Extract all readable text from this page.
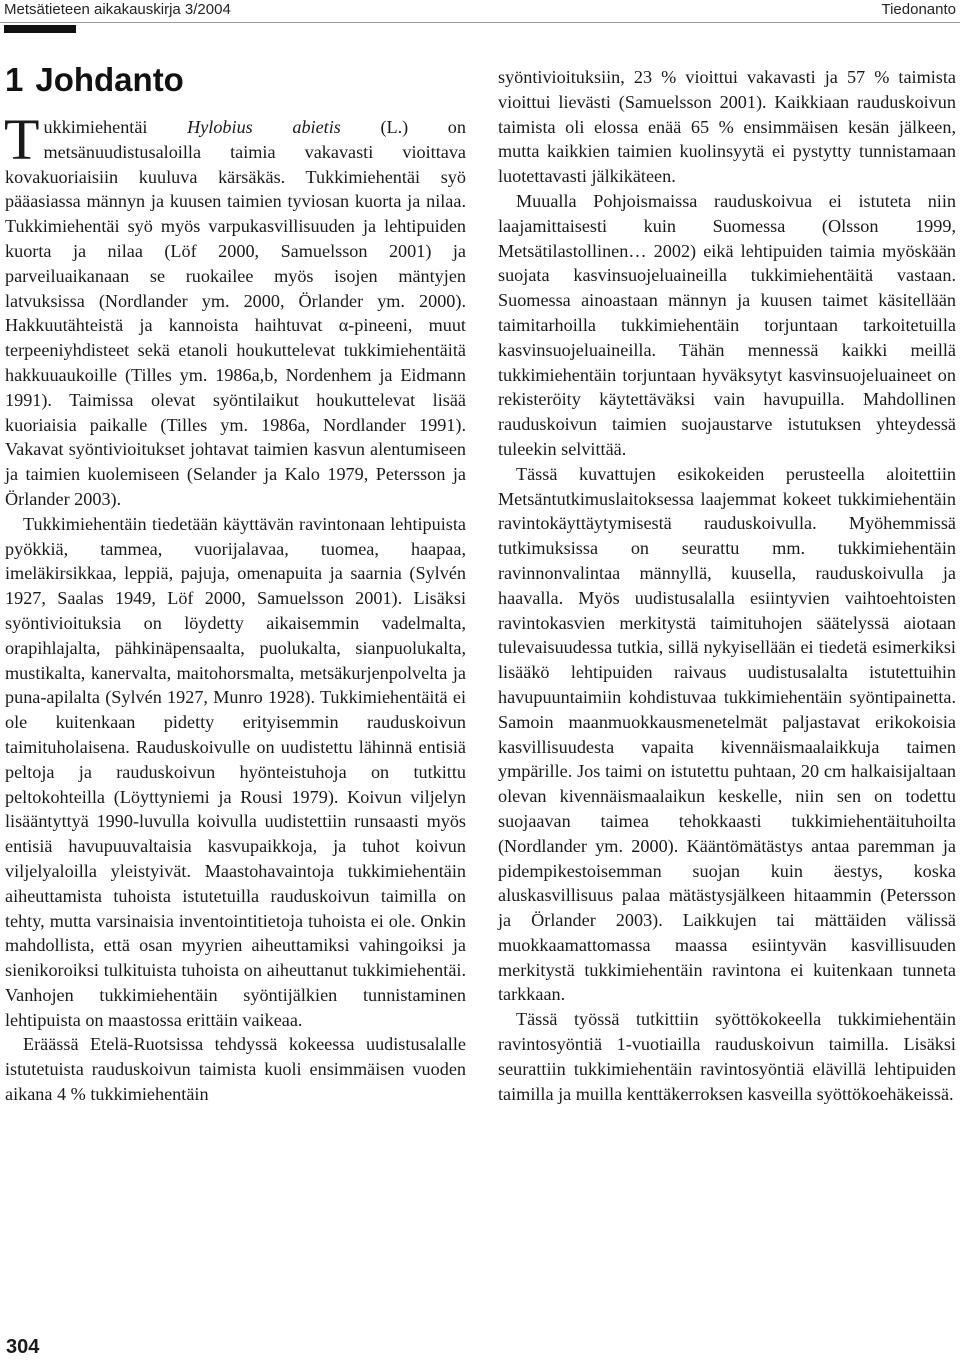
Metsätieteen aikakauskirja 3/2004	Tiedonanto
1 Johdanto

Tukkimiehentäi Hylobius abietis (L.) on metsänuudistusaloilla taimia vakavasti vioittava kovakuoriaisiin kuuluva kärsäkäs. Tukkimiehentäi syö pääasiassa männyn ja kuusen taimien tyviosan kuorta ja nilaa. Tukkimiehentäi syö myös varpukasvillisuuden ja lehtipuiden kuorta ja nilaa (Löf 2000, Samuelsson 2001) ja parveiluaikanaan se ruokailee myös isojen mäntyjen latvuksissa (Nordlander ym. 2000, Örlander ym. 2000). Hakkuutähteistä ja kannoista haihtuvat α-pineeni, muut terpeeniyhdisteet sekä etanoli houkuttelevat tukkimiehentäitä hakkuuaukoille (Tilles ym. 1986a,b, Nordenhem ja Eidmann 1991). Taimissa olevat syöntilaikut houkuttelevat lisää kuoriaisia paikalle (Tilles ym. 1986a, Nordlander 1991). Vakavat syöntivioitukset johtavat taimien kasvun alentumiseen ja taimien kuolemiseen (Selander ja Kalo 1979, Petersson ja Örlander 2003).

Tukkimiehentäin tiedetään käyttävän ravintonaan lehtipuista pyökkiä, tammea, vuorijalavaa, tuomea, haapaa, imeläkirsikkaa, leppiä, pajuja, omenapuita ja saarnia (Sylvén 1927, Saalas 1949, Löf 2000, Samuelsson 2001). Lisäksi syöntivioituksia on löydetty aikaisemmin vadelmalta, orapihlajalta, pähkinäpensaalta, puolukalta, sianpuolukalta, mustikalta, kanervalta, maitohorsmalta, metsäkurjenpolvelta ja puna-apilalta (Sylvén 1927, Munro 1928). Tukkimiehentäitä ei ole kuitenkaan pidetty erityisemmin rauduskoivun taimituholaisena. Rauduskoivulle on uudistettu lähinnä entisiä peltoja ja rauduskoivun hyönteistuhoja on tutkittu peltokohteilla (Löyttyniemi ja Rousi 1979). Koivun viljelyn lisääntyttyä 1990-luvulla koivulla uudistettiin runsaasti myös entisiä havupuuvaltaisia kasvupaikkoja, ja tuhot koivun viljelyaloilla yleistyivät. Maastohavaintoja tukkimiehentäin aiheuttamista tuhoista istutetuilla rauduskoivun taimilla on tehty, mutta varsinaisia inventointitietoja tuhoista ei ole. Onkin mahdollista, että osan myyrien aiheuttamiksi vahingoiksi ja sienikoroiksi tulkituista tuhoista on aiheuttanut tukkimiehentäi. Vanhojen tukkimiehentäin syöntijälkien tunnistaminen lehtipuista on maastossa erittäin vaikeaa.

Eräässä Etelä-Ruotsissa tehdyssä kokeessa uudistusalalle istutetuista rauduskoivun taimista kuoli ensimmäisen vuoden aikana 4 % tukkimiehentäin

syöntivioituksiin, 23 % vioittui vakavasti ja 57 % taimista vioittui lievästi (Samuelsson 2001). Kaikkiaan rauduskoivun taimista oli elossa enää 65 % ensimmäisen kesän jälkeen, mutta kaikkien taimien kuolinsyytä ei pystytty tunnistamaan luotettavasti jälkikäteen.

Muualla Pohjoismaissa rauduskoivua ei istuteta niin laajamittaisesti kuin Suomessa (Olsson 1999, Metsätilastollinen… 2002) eikä lehtipuiden taimia myöskään suojata kasvinsuojeluaineilla tukkimiehentäitä vastaan. Suomessa ainoastaan männyn ja kuusen taimet käsitellään taimitarhoilla tukkimiehentäin torjuntaan tarkoitetuilla kasvinsuojeluaineilla. Tähän mennessä kaikki meillä tukkimiehentäin torjuntaan hyväksytyt kasvinsuojeluaineet on rekisteröity käytettäväksi vain havupuilla. Mahdollinen rauduskoivun taimien suojaustarve istutuksen yhteydessä tuleekin selvittää.

Tässä kuvattujen esikokeiden perusteella aloitettiin Metsäntutkimuslaitoksessa laajemmat kokeet tukkimiehentäin ravintokäyttäytymisestä rauduskoivulla. Myöhemmissä tutkimuksissa on seurattu mm. tukkimiehentäin ravinnonvalintaa männyllä, kuusella, rauduskoivulla ja haavalla. Myös uudistusalalla esiintyvien vaihtoehtoisten ravintokasvien merkitystä taimituhojen säätelyssä aiotaan tulevaisuudessa tutkia, sillä nykyisellään ei tiedetä esimerkiksi lisääkö lehtipuiden raivaus uudistusalalta istutettuihin havupuuntaimiin kohdistuvaa tukkimiehentäin syöntipainetta. Samoin maanmuokkausmenetelmät paljastavat erikokoisia kasvillisuudesta vapaita kivennäismaalaikkuja taimen ympärille. Jos taimi on istutettu puhtaan, 20 cm halkaisijaltaan olevan kivennäismaalaikun keskelle, niin sen on todettu suojaavan taimea tehokkaasti tukkimiehentäituhoilta (Nordlander ym. 2000). Kääntömätästys antaa paremman ja pidempikestoisemman suojan kuin äestys, koska aluskasvillisuus palaa mätästysjälkeen hitaammin (Petersson ja Örlander 2003). Laikkujen tai mättäiden välissä muokkaamattomassa maassa esiintyvän kasvillisuuden merkitystä tukkimiehentäin ravintona ei kuitenkaan tunneta tarkkaan.

Tässä työssä tutkittiin syöttökokeella tukkimiehentäin ravintosyöntiä 1-vuotiailla rauduskoivun taimilla. Lisäksi seurattiin tukkimiehentäin ravintosyöntiä elävillä lehtipuiden taimilla ja muilla kenttäkerroksen kasveilla syöttökoehäkeissä.

304
